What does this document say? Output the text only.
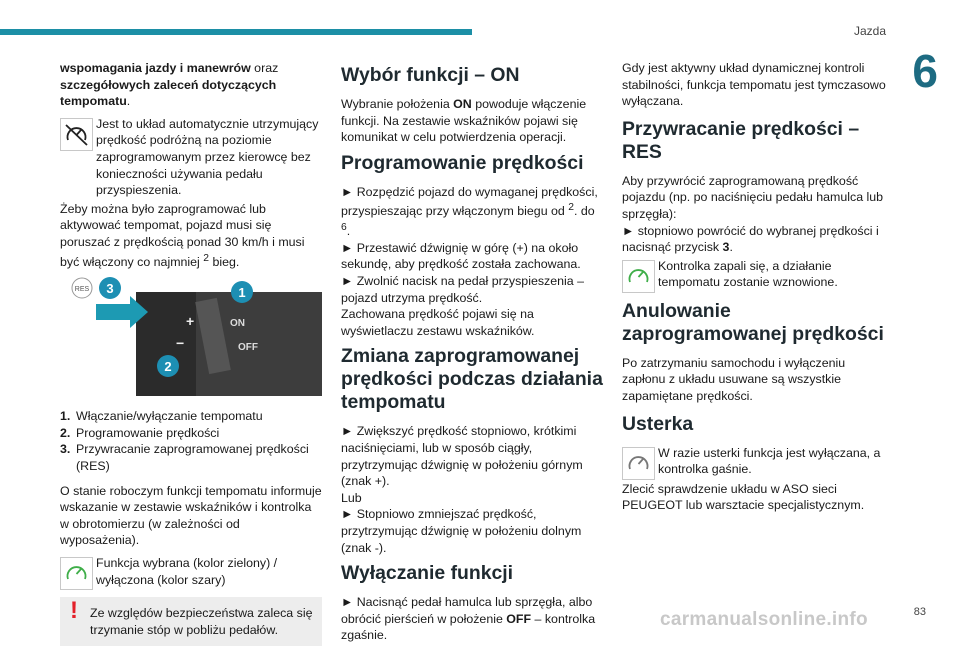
Jazda
6

wspomagania jazdy i manewrów oraz szczegółowych zaleceń dotyczących tempomatu.

Jest to układ automatycznie utrzymujący prędkość podróżną na poziomie zaprogramowanym przez kierowcę bez konieczności używania pedału przyspieszenia.

Żeby można było zaprogramować lub aktywować tempomat, pojazd musi się poruszać z prędkością ponad 30 km/h i musi być włączony co najmniej $^2$ bieg.

RES
ON
OFF
+
−
3	1
2
1. Włączanie/wyłączanie tempomatu
2. Programowanie prędkości
3. Przywracanie zaprogramowanej prędkości (RES)

O stanie roboczym funkcji tempomatu informuje wskazanie w zestawie wskaźników i kontrolka w obrotomierzu (w zależności od wyposażenia).

Funkcja wybrana (kolor zielony) / wyłączona (kolor szary)
! Ze względów bezpieczeństwa zaleca się trzymanie stóp w pobliżu pedałów.
Wybór funkcji – ON

Wybranie położenia ON powoduje włączenie funkcji. Na zestawie wskaźników pojawi się komunikat w celu potwierdzenia operacji.

Programowanie prędkości

► Rozpędzić pojazd do wymaganej prędkości, przyspieszając przy włączonym biegu od $^2$. do $^6$.

► Przestawić dźwignię w górę (+) na około sekundę, aby prędkość została zachowana.

► Zwolnić nacisk na pedał przyspieszenia – pojazd utrzyma prędkość.

Zachowana prędkość pojawi się na wyświetlaczu zestawu wskaźników.

Zmiana zaprogramowanej prędkości podczas działania tempomatu

► Zwiększyć prędkość stopniowo, krótkimi naciśnięciami, lub w sposób ciągły, przytrzymując dźwignię w położeniu górnym (znak +).

Lub

► Stopniowo zmniejszać prędkość, przytrzymując dźwignię w położeniu dolnym (znak -).

Wyłączanie funkcji

► Nacisnąć pedał hamulca lub sprzęgła, albo obrócić pierścień w położenie OFF – kontrolka zgaśnie.

Gdy jest aktywny układ dynamicznej kontroli stabilności, funkcja tempomatu jest tymczasowo wyłączana.

Przywracanie prędkości – RES

Aby przywrócić zaprogramowaną prędkość pojazdu (np. po naciśnięciu pedału hamulca lub sprzęgła):

► stopniowo powrócić do wybranej prędkości i nacisnąć przycisk 3.

Kontrolka zapali się, a działanie tempomatu zostanie wznowione.
Anulowanie zaprogramowanej prędkości

Po zatrzymaniu samochodu i wyłączeniu zapłonu z układu usuwane są wszystkie zapamiętane prędkości.

Usterka
W razie usterki funkcja jest wyłączana, a kontrolka gaśnie.

Zlecić sprawdzenie układu w ASO sieci PEUGEOT lub warsztacie specjalistycznym.

carmanualsonline.info	83
